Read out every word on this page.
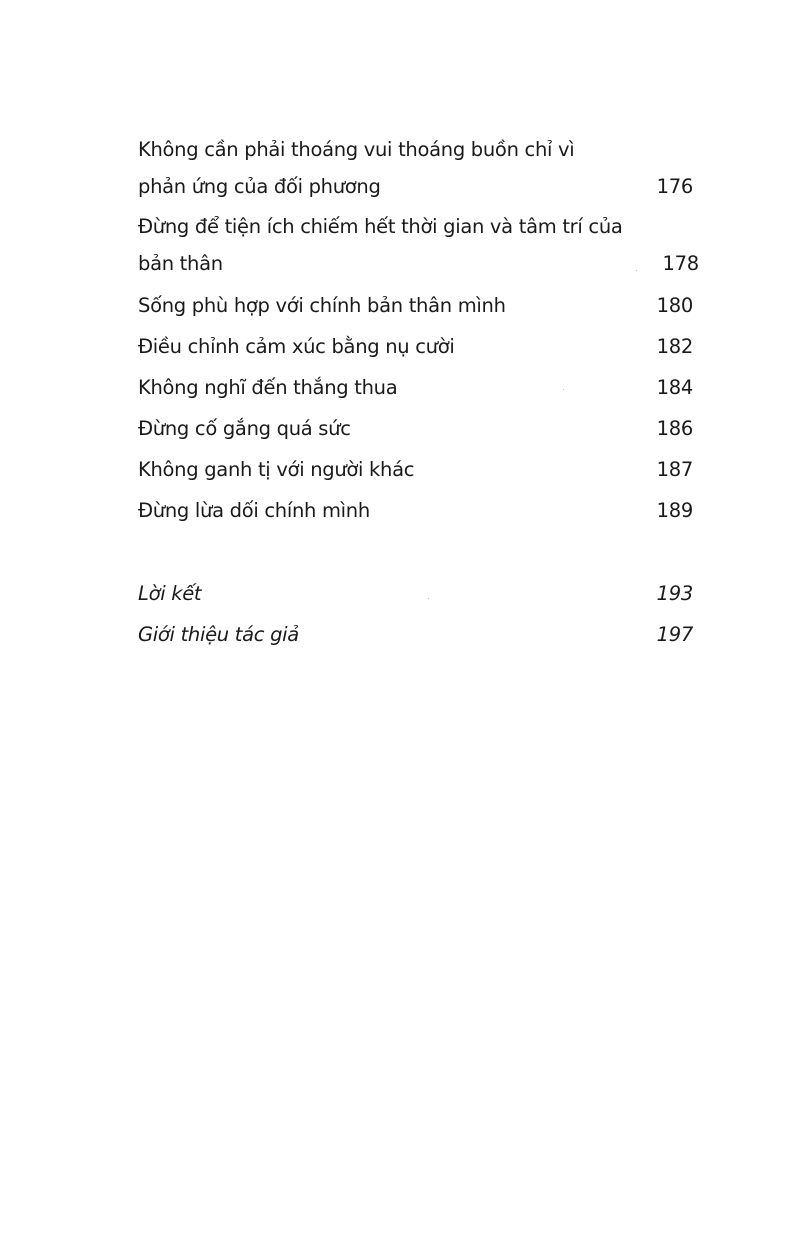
Không cần phải thoáng vui thoáng buồn chỉ vì
phản ứng của đối phương	176
Đừng để tiện ích chiếm hết thời gian và tâm trí của
bản thân	178
Sống phù hợp với chính bản thân mình	180
Điều chỉnh cảm xúc bằng nụ cười	182
Không nghĩ đến thắng thua	184
Đừng cố gắng quá sức	186
Không ganh tị với người khác	187
Đừng lừa dối chính mình	189
Lời kết	193
Giới thiệu tác giả	197
